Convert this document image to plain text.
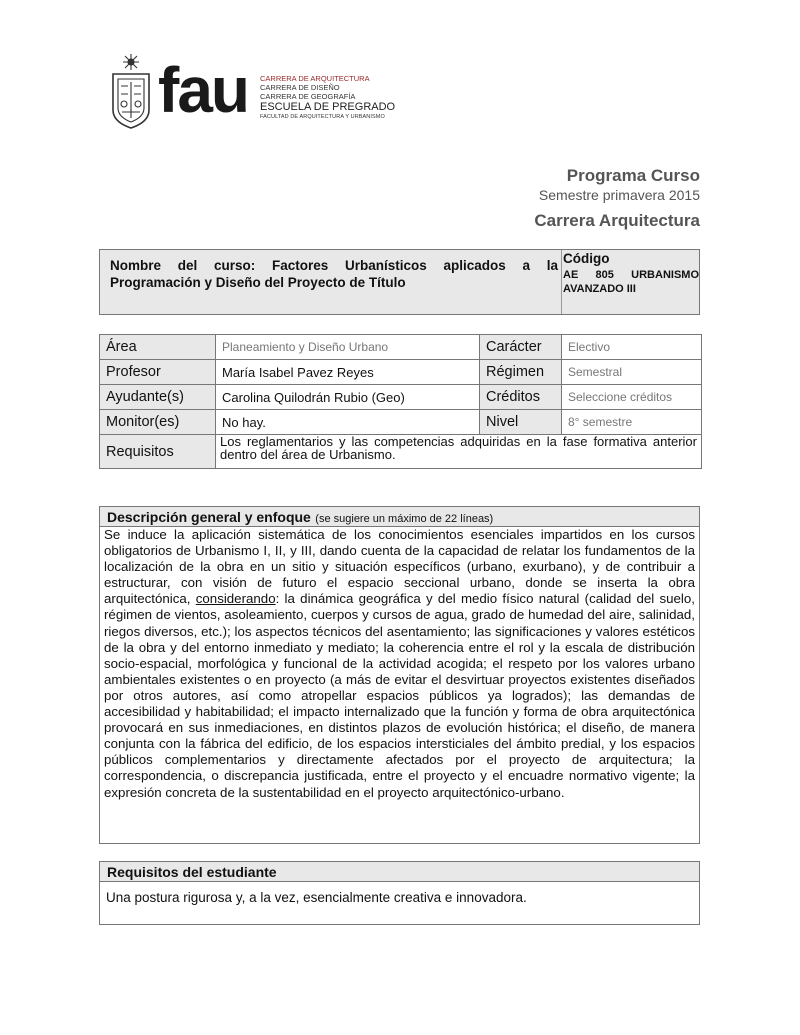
fau CARRERA DE ARQUITECTURA
CARRERA DE DISEÑO
CARRERA DE GEOGRAFÍA
ESCUELA DE PREGRADO
FACULTAD DE ARQUITECTURA Y URBANISMO
Programa Curso
Semestre primavera 2015
Carrera Arquitectura
Nombre del curso: Factores Urbanísticos aplicados a la Programación y Diseño del Proyecto de Título
Código
AE 805 URBANISMO AVANZADO III
Área	Planeamiento y Diseño Urbano	Carácter	Electivo
Profesor	María Isabel Pavez Reyes	Régimen	Semestral
Ayudante(s)	Carolina Quilodrán Rubio (Geo)	Créditos	Seleccione créditos
Monitor(es)	No hay.	Nivel	8° semestre
Requisitos	Los reglamentarios y las competencias adquiridas en la fase formativa anterior dentro del área de Urbanismo.		
Descripción general y enfoque (se sugiere un máximo de 22 líneas)
Se induce la aplicación sistemática de los conocimientos esenciales impartidos en los cursos obligatorios de Urbanismo I, II, y III, dando cuenta de la capacidad de relatar los fundamentos de la localización de la obra en un sitio y situación específicos (urbano, exurbano), y de contribuir a estructurar, con visión de futuro el espacio seccional urbano, donde se inserta la obra arquitectónica, considerando: la dinámica geográfica y del medio físico natural (calidad del suelo, régimen de vientos, asoleamiento, cuerpos y cursos de agua, grado de humedad del aire, salinidad, riegos diversos, etc.); los aspectos técnicos del asentamiento; las significaciones y valores estéticos de la obra y del entorno inmediato y mediato; la coherencia entre el rol y la escala de distribución socio-espacial, morfológica y funcional de la actividad acogida; el respeto por los valores urbano ambientales existentes o en proyecto (a más de evitar el desvirtuar proyectos existentes diseñados por otros autores, así como atropellar espacios públicos ya logrados); las demandas de accesibilidad y habitabilidad; el impacto internalizado que la función y forma de obra arquitectónica provocará en sus inmediaciones, en distintos plazos de evolución histórica; el diseño, de manera conjunta con la fábrica del edificio, de los espacios intersticiales del ámbito predial, y los espacios públicos complementarios y directamente afectados por el proyecto de arquitectura; la correspondencia, o discrepancia justificada, entre el proyecto y el encuadre normativo vigente; la expresión concreta de la sustentabilidad en el proyecto arquitectónico-urbano.
Requisitos del estudiante
Una postura rigurosa y, a la vez, esencialmente creativa e innovadora.
